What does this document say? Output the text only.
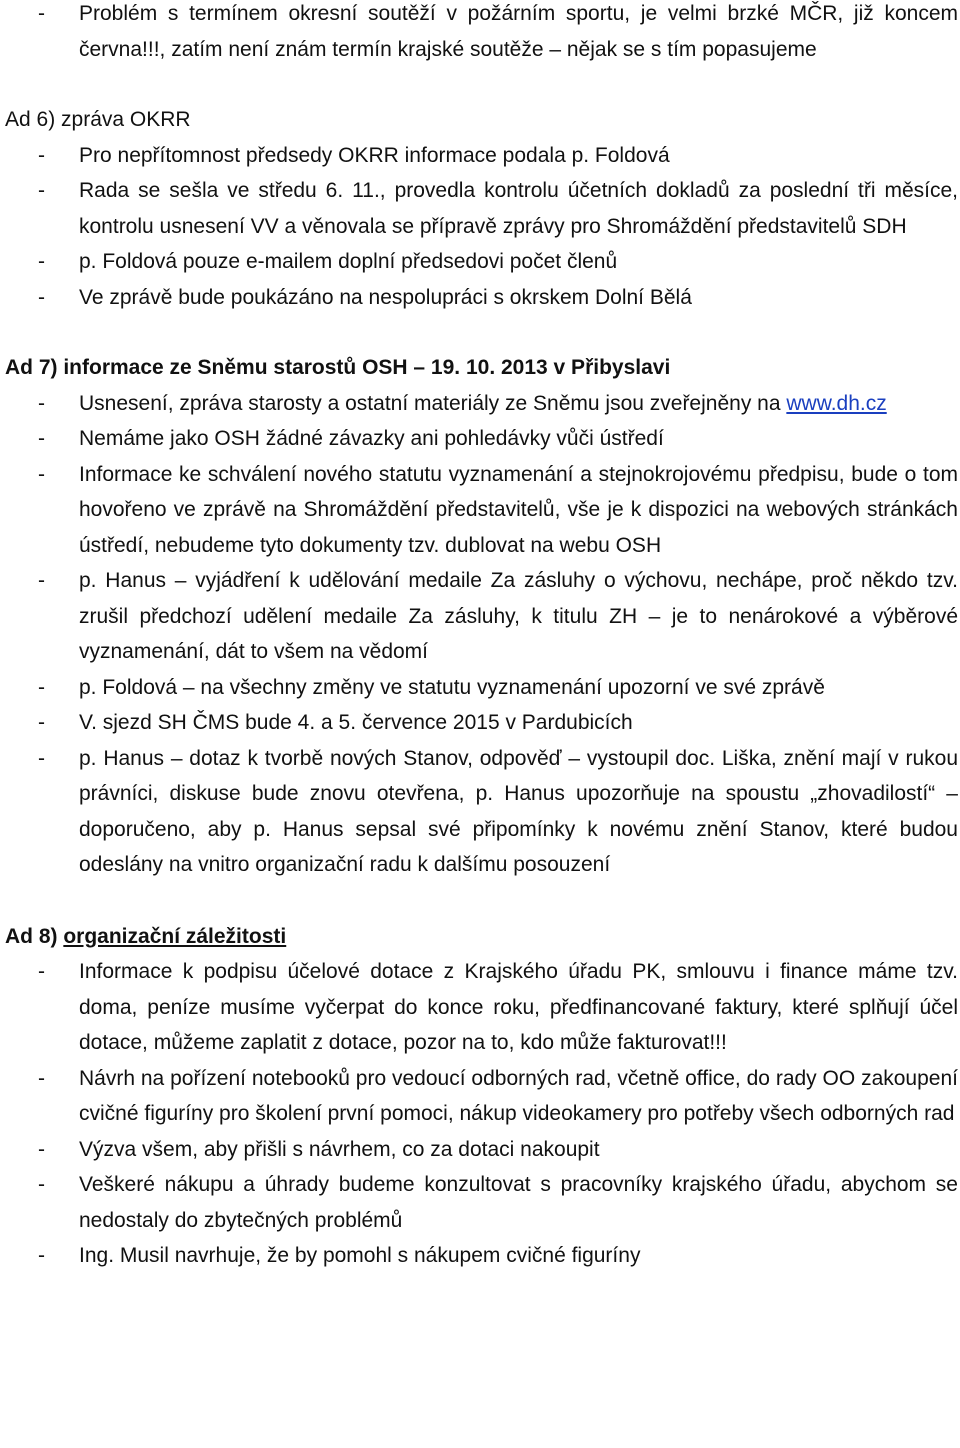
- Problém s termínem okresní soutěží v požárním sportu, je velmi brzké MČR, již koncem června!!!, zatím není znám termín krajské soutěže – nějak se s tím popasujeme

Ad 6) zpráva OKRR

- Pro nepřítomnost předsedy OKRR informace podala p. Foldová

- Rada se sešla ve středu 6. 11., provedla kontrolu účetních dokladů za poslední tři měsíce, kontrolu usnesení VV a věnovala se přípravě zprávy pro Shromáždění představitelů SDH

- p. Foldová pouze e-mailem doplní předsedovi počet členů

- Ve zprávě bude poukázáno na nespolupráci s okrskem Dolní Bělá

Ad 7) informace ze Sněmu starostů OSH – 19. 10. 2013 v Přibyslavi

- Usnesení, zpráva starosty a ostatní materiály ze Sněmu jsou zveřejněny na www.dh.cz

- Nemáme jako OSH žádné závazky ani pohledávky vůči ústředí

- Informace ke schválení nového statutu vyznamenání a stejnokrojovému předpisu, bude o tom hovořeno ve zprávě na Shromáždění představitelů, vše je k dispozici na webových stránkách ústředí, nebudeme tyto dokumenty tzv. dublovat na webu OSH

- p. Hanus – vyjádření k udělování medaile Za zásluhy o výchovu, nechápe, proč někdo tzv. zrušil předchozí udělení medaile Za zásluhy, k titulu ZH – je to nenárokové a výběrové vyznamenání, dát to všem na vědomí

- p. Foldová – na všechny změny ve statutu vyznamenání upozorní ve své zprávě

- V. sjezd SH ČMS bude 4. a 5. července 2015 v Pardubicích

- p. Hanus – dotaz k tvorbě nových Stanov, odpověď – vystoupil doc. Liška, znění mají v rukou právníci, diskuse bude znovu otevřena, p. Hanus upozorňuje na spoustu „zhovadilostí“ – doporučeno, aby p. Hanus sepsal své připomínky k novému znění Stanov, které budou odeslány na vnitro organizační radu k dalšímu posouzení

Ad 8) organizační záležitosti

- Informace k podpisu účelové dotace z Krajského úřadu PK, smlouvu i finance máme tzv. doma, peníze musíme vyčerpat do konce roku, předfinancované faktury, které splňují účel dotace, můžeme zaplatit z dotace, pozor na to, kdo může fakturovat!!!

- Návrh na pořízení notebooků pro vedoucí odborných rad, včetně office, do rady OO zakoupení cvičné figuríny pro školení první pomoci, nákup videokamery pro potřeby všech odborných rad

- Výzva všem, aby přišli s návrhem, co za dotaci nakoupit

- Veškeré nákupu a úhrady budeme konzultovat s pracovníky krajského úřadu, abychom se nedostaly do zbytečných problémů

- Ing. Musil navrhuje, že by pomohl s nákupem cvičné figuríny
